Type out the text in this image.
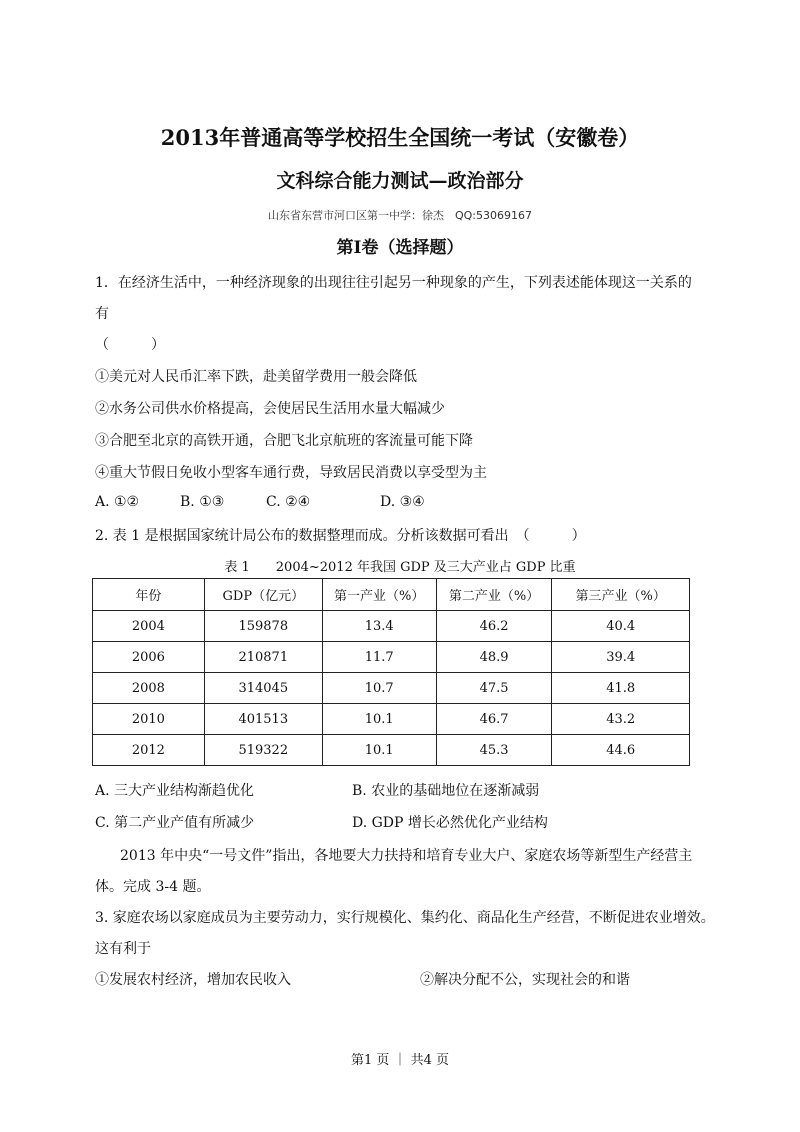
2013年普通高等学校招生全国统一考试（安徽卷）
文科综合能力测试—政治部分
山东省东营市河口区第一中学：徐杰　QQ:53069167
第Ⅰ卷（选择题）
1．在经济生活中，一种经济现象的出现往往引起另一种现象的产生，下列表述能体现这一关系的
有
（　　　）
①美元对人民币汇率下跌，赴美留学费用一般会降低
②水务公司供水价格提高，会使居民生活用水量大幅减少
③合肥至北京的高铁开通，合肥飞北京航班的客流量可能下降
④重大节假日免收小型客车通行费，导致居民消费以享受型为主
A. ①②	B. ①③	C. ②④	D. ③④
2. 表 1 是根据国家统计局公布的数据整理而成。分析该数据可看出　（　　　）
表 1　　2004~2012 年我国 GDP 及三大产业占 GDP 比重
年份	GDP（亿元）	第一产业（%）	第二产业（%）	第三产业（%）
2004	159878	13.4	46.2	40.4
2006	210871	11.7	48.9	39.4
2008	314045	10.7	47.5	41.8
2010	401513	10.1	46.7	43.2
2012	519322	10.1	45.3	44.6
A. 三大产业结构渐趋优化	B. 农业的基础地位在逐渐减弱
C. 第二产业产值有所减少	D. GDP 增长必然优化产业结构
2013 年中央“一号文件”指出，各地要大力扶持和培育专业大户、家庭农场等新型生产经营主
体。完成 3-4 题。
3. 家庭农场以家庭成员为主要劳动力，实行规模化、集约化、商品化生产经营，不断促进农业增效。
这有利于
①发展农村经济，增加农民收入	②解决分配不公，实现社会的和谐
第1 页 ｜ 共4 页
